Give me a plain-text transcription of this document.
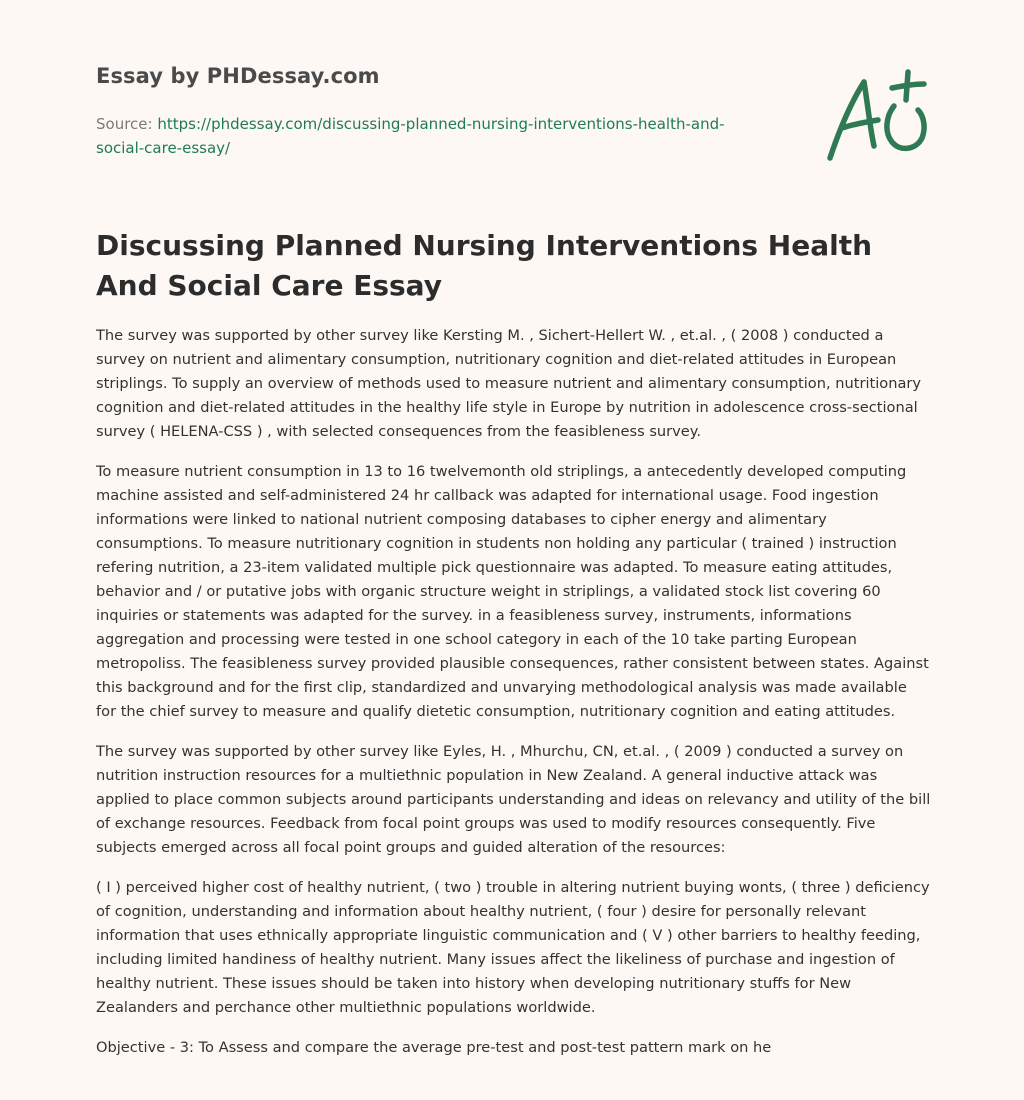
Essay by PHDessay.com
Source: https://phdessay.com/discussing-planned-nursing-interventions-health-and-social-care-essay/
Discussing Planned Nursing Interventions Health And Social Care Essay

The survey was supported by other survey like Kersting M. , Sichert-Hellert W. , et.al. , ( 2008 ) conducted a survey on nutrient and alimentary consumption, nutritionary cognition and diet-related attitudes in European striplings. To supply an overview of methods used to measure nutrient and alimentary consumption, nutritionary cognition and diet-related attitudes in the healthy life style in Europe by nutrition in adolescence cross-sectional survey ( HELENA-CSS ) , with selected consequences from the feasibleness survey.

To measure nutrient consumption in 13 to 16 twelvemonth old striplings, a antecedently developed computing machine assisted and self-administered 24 hr callback was adapted for international usage. Food ingestion informations were linked to national nutrient composing databases to cipher energy and alimentary consumptions. To measure nutritionary cognition in students non holding any particular ( trained ) instruction refering nutrition, a 23-item validated multiple pick questionnaire was adapted. To measure eating attitudes, behavior and / or putative jobs with organic structure weight in striplings, a validated stock list covering 60 inquiries or statements was adapted for the survey. in a feasibleness survey, instruments, informations aggregation and processing were tested in one school category in each of the 10 take parting European metropoliss. The feasibleness survey provided plausible consequences, rather consistent between states. Against this background and for the first clip, standardized and unvarying methodological analysis was made available for the chief survey to measure and qualify dietetic consumption, nutritionary cognition and eating attitudes.

The survey was supported by other survey like Eyles, H. , Mhurchu, CN, et.al. , ( 2009 ) conducted a survey on nutrition instruction resources for a multiethnic population in New Zealand. A general inductive attack was applied to place common subjects around participants understanding and ideas on relevancy and utility of the bill of exchange resources. Feedback from focal point groups was used to modify resources consequently. Five subjects emerged across all focal point groups and guided alteration of the resources:

( I ) perceived higher cost of healthy nutrient, ( two ) trouble in altering nutrient buying wonts, ( three ) deficiency of cognition, understanding and information about healthy nutrient, ( four ) desire for personally relevant information that uses ethnically appropriate linguistic communication and ( V ) other barriers to healthy feeding, including limited handiness of healthy nutrient. Many issues affect the likeliness of purchase and ingestion of healthy nutrient. These issues should be taken into history when developing nutritionary stuffs for New Zealanders and perchance other multiethnic populations worldwide.

Objective - 3: To Assess and compare the average pre-test and post-test pattern mark on he
